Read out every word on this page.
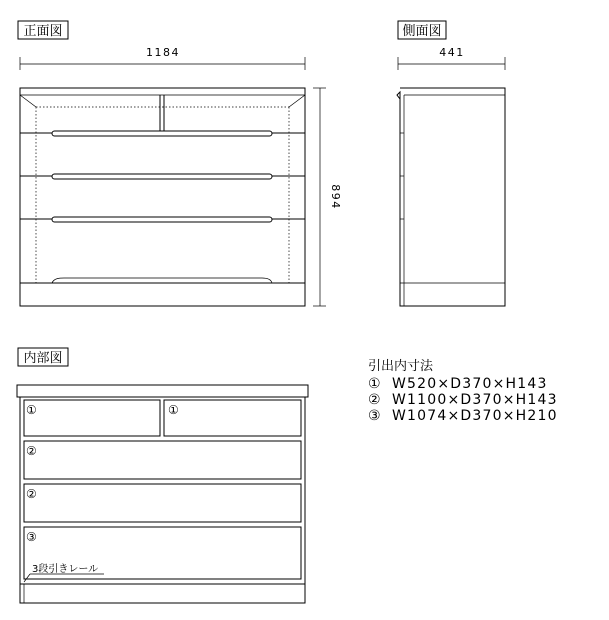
正面図
1184
894
側面図
441
内部図
①	①
②
②
③
3段引きレール
引出内寸法
① W520×D370×H143
② W1100×D370×H143
③ W1074×D370×H210
